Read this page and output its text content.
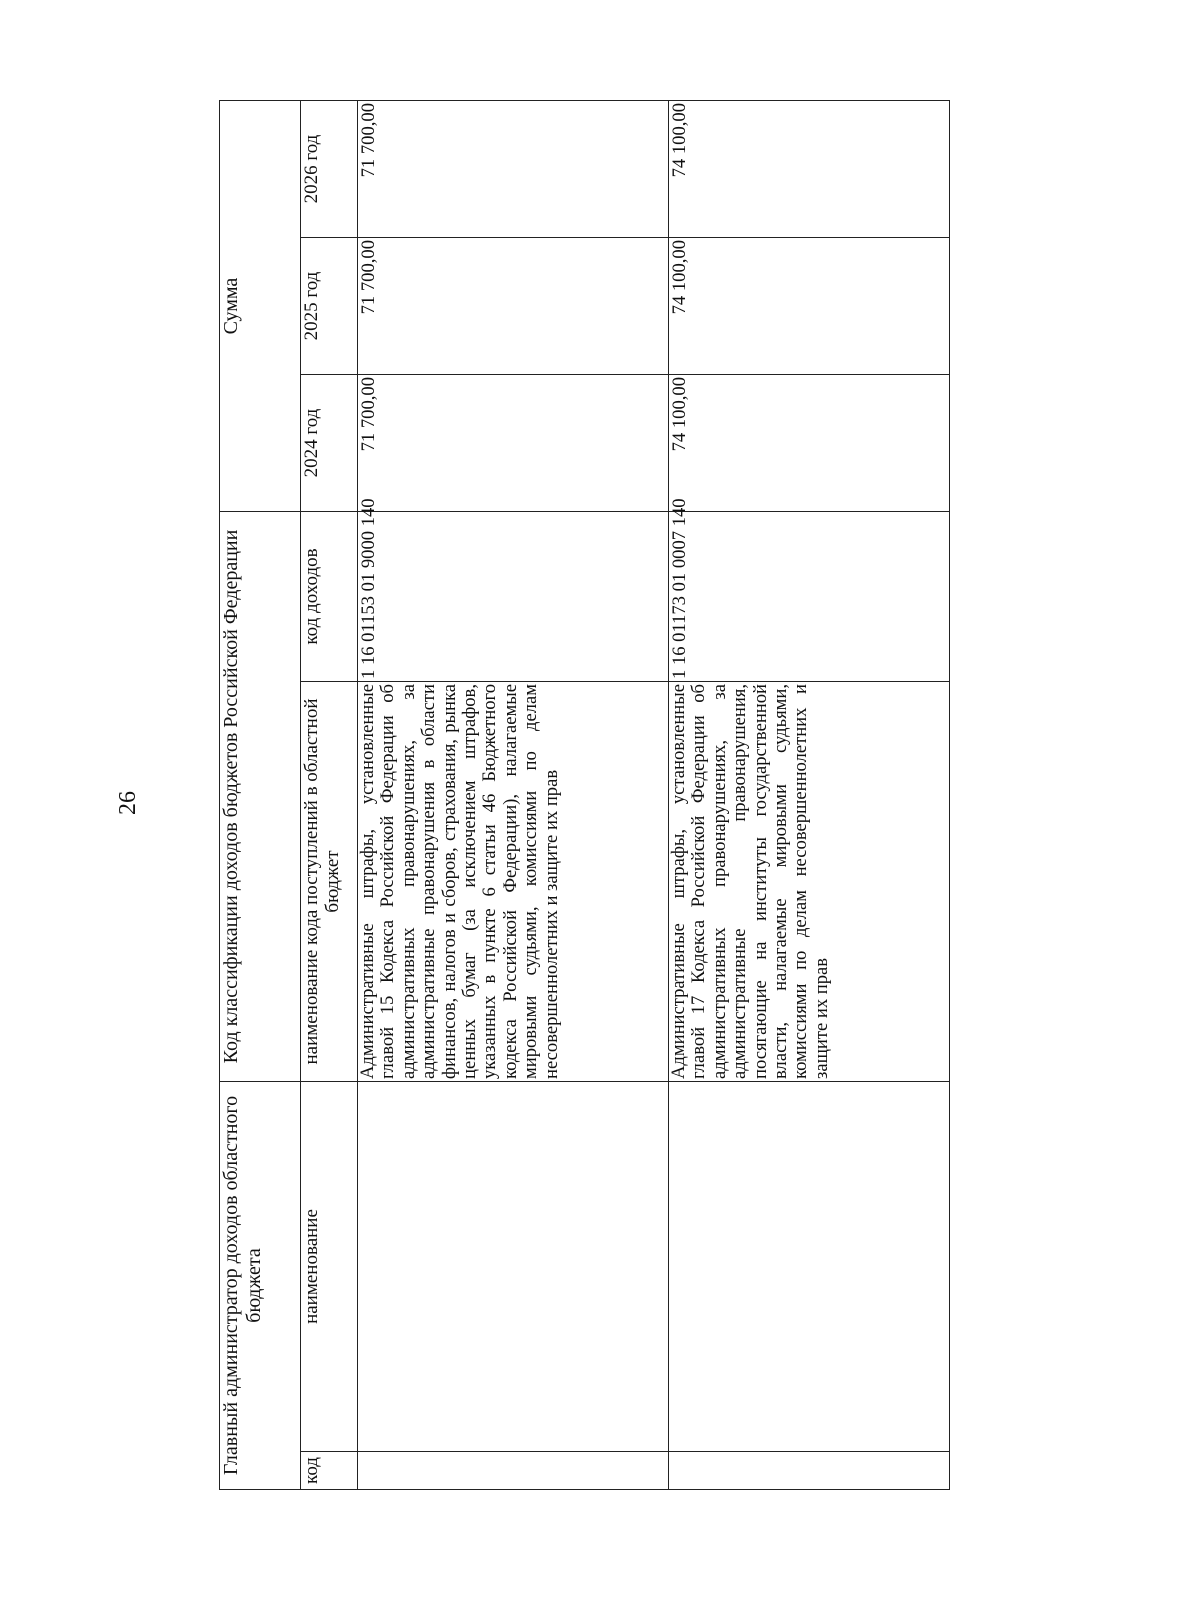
26
Главный администратор доходов областного бюджета		Код классификации доходов бюджетов Российской Федерации		Сумма		
код	наименование	наименование кода поступлений в областной бюджет	код доходов	2024 год	2025 год	2026 год
		Административные штрафы, установленные главой 15 Кодекса Российской Федерации об административных правонарушениях, за административные правонарушения в области финансов, налогов и сборов, страхования, рынка ценных бумаг (за исключением штрафов, указанных в пункте 6 статьи 46 Бюджетного кодекса Российской Федерации), налагаемые мировыми судьями, комиссиями по делам несовершеннолетних и защите их прав	1 16 01153 01 9000 140	71 700,00	71 700,00	71 700,00
		Административные штрафы, установленные главой 17 Кодекса Российской Федерации об административных правонарушениях, за административные правонарушения, посягающие на институты государственной власти, налагаемые мировыми судьями, комиссиями по делам несовершеннолетних и защите их прав	1 16 01173 01 0007 140	74 100,00	74 100,00	74 100,00
